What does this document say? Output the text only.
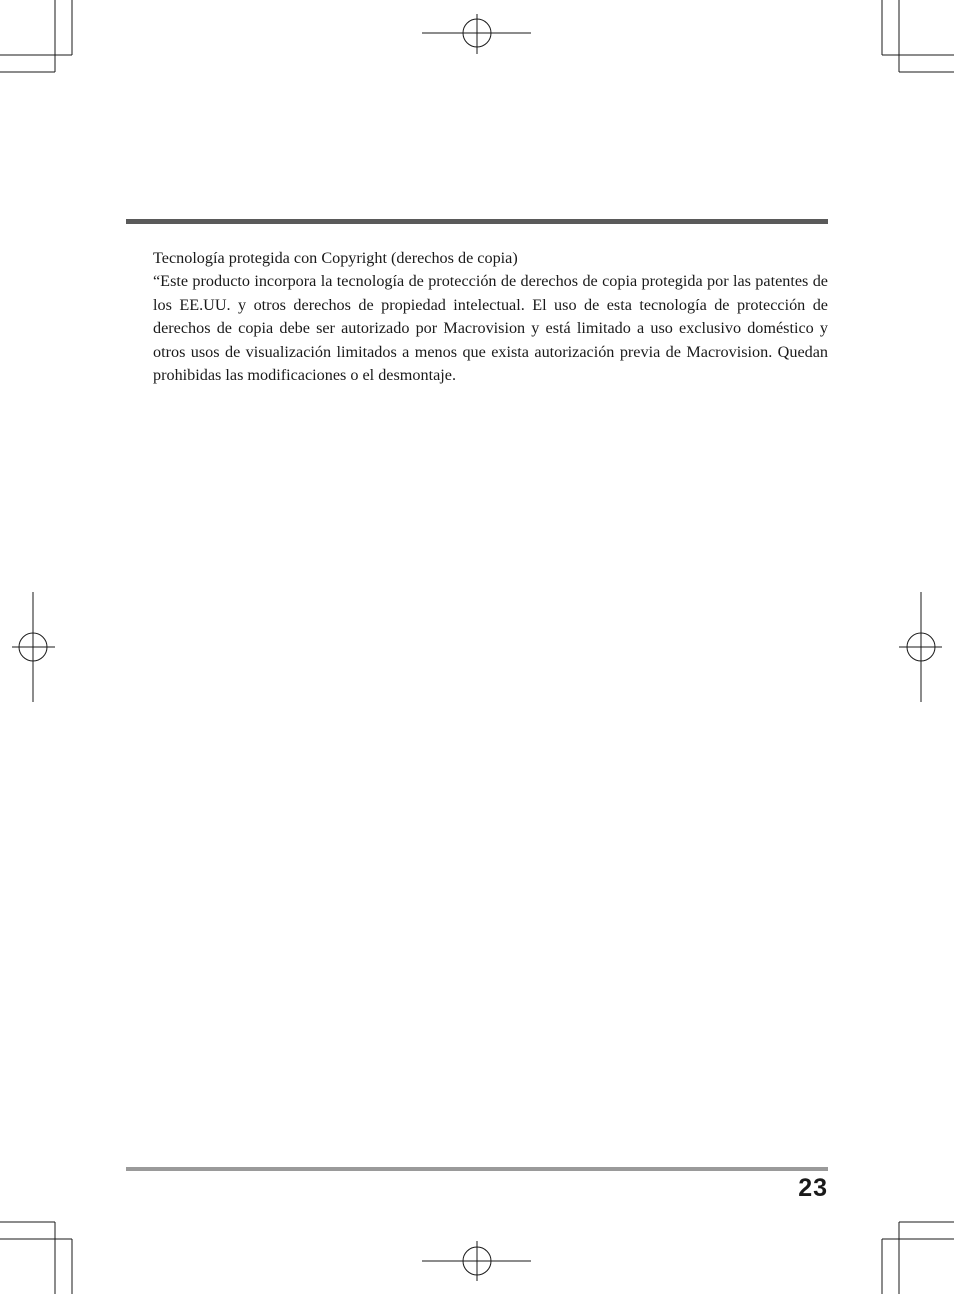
Tecnología protegida con Copyright (derechos de copia)

“Este producto incorpora la tecnología de protección de derechos de copia protegida por las patentes de los EE.UU. y otros derechos de propiedad intelectual. El uso de esta tecnología de protección de derechos de copia debe ser autorizado por Macrovision y está limitado a uso exclusivo doméstico y otros usos de visualización limitados a menos que exista autorización previa de Macrovision. Quedan prohibidas las modificaciones o el desmontaje.

23
